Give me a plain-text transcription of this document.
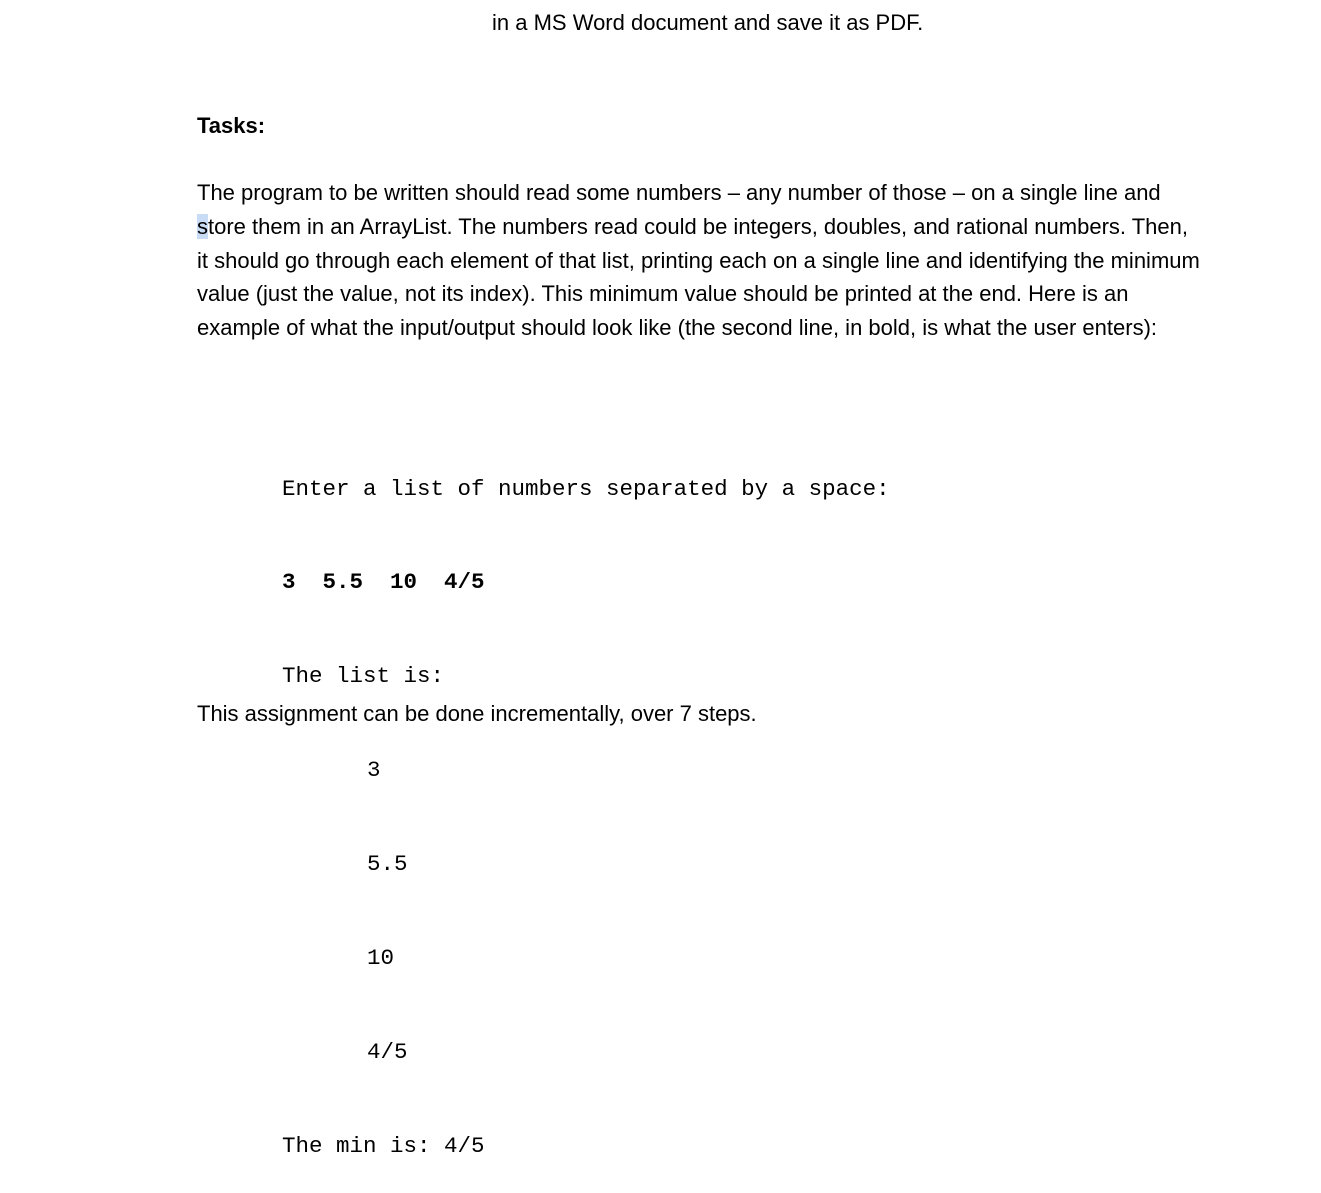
in a MS Word document and save it as PDF.
Tasks:
The program to be written should read some numbers – any number of those – on a single line and store them in an ArrayList. The numbers read could be integers, doubles, and rational numbers. Then, it should go through each element of that list, printing each on a single line and identifying the minimum value (just the value, not its index). This minimum value should be printed at the end. Here is an example of what the input/output should look like (the second line, in bold, is what the user enters):

Enter a list of numbers separated by a space:

3  5.5  10  4/5

The list is:

3

5.5

10

4/5

The min is: 4/5

This assignment can be done incrementally, over 7 steps.
